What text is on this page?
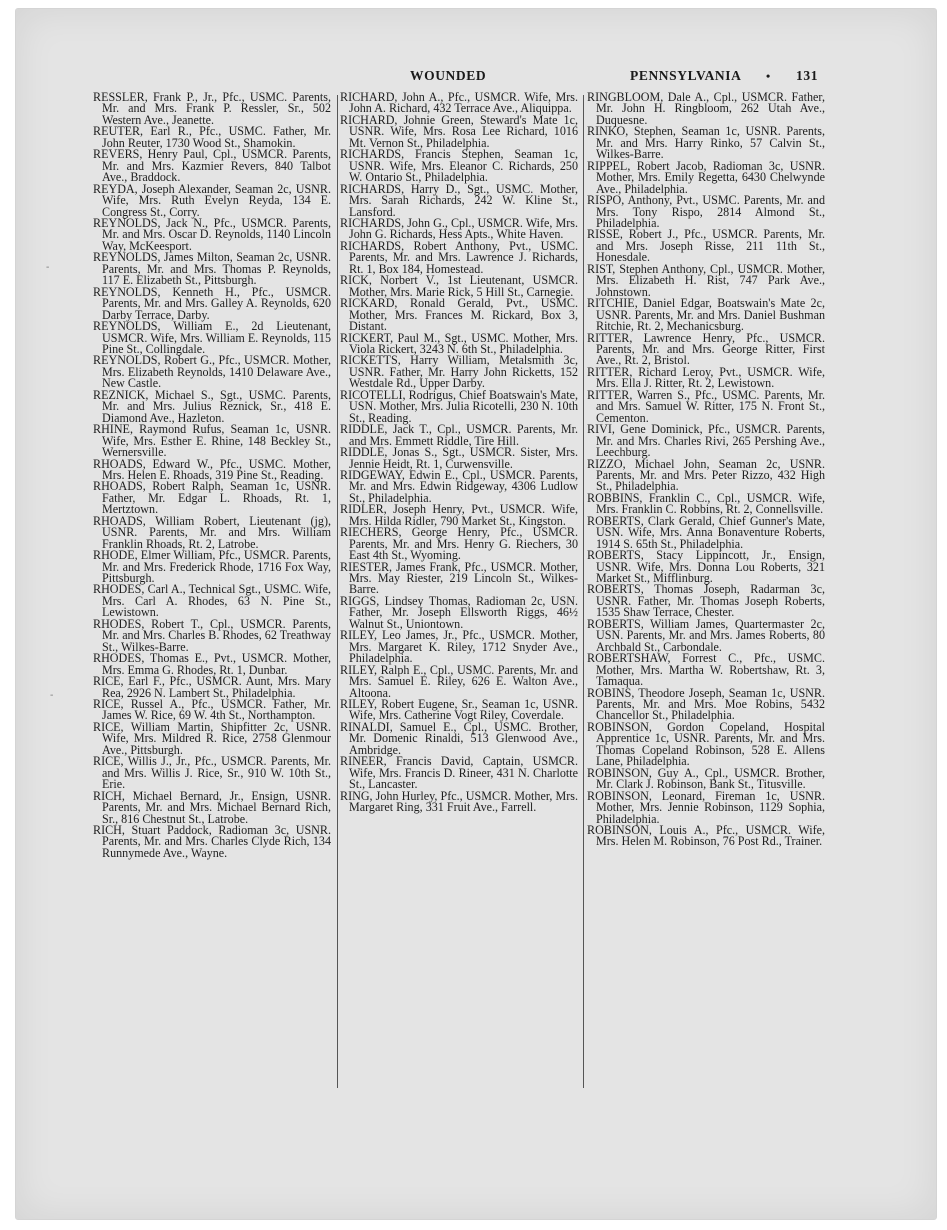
WOUNDED	PENNSYLVANIA • 131

RESSLER, Frank P., Jr., Pfc., USMC. Parents, Mr. and Mrs. Frank P. Ressler, Sr., 502 Western Ave., Jeanette.

REUTER, Earl R., Pfc., USMC. Father, Mr. John Reuter, 1730 Wood St., Shamokin.

REVERS, Henry Paul, Cpl., USMCR. Parents, Mr. and Mrs. Kazmier Revers, 840 Talbot Ave., Braddock.

REYDA, Joseph Alexander, Seaman 2c, USNR. Wife, Mrs. Ruth Evelyn Reyda, 134 E. Congress St., Corry.

REYNOLDS, Jack N., Pfc., USMCR. Parents, Mr. and Mrs. Oscar D. Reynolds, 1140 Lincoln Way, McKeesport.

REYNOLDS, James Milton, Seaman 2c, USNR. Parents, Mr. and Mrs. Thomas P. Reynolds, 117 E. Elizabeth St., Pittsburgh.

REYNOLDS, Kenneth H., Pfc., USMCR. Parents, Mr. and Mrs. Galley A. Reynolds, 620 Darby Terrace, Darby.

REYNOLDS, William E., 2d Lieutenant, USMCR. Wife, Mrs. William E. Reynolds, 115 Pine St., Collingdale.

REYNOLDS, Robert G., Pfc., USMCR. Mother, Mrs. Elizabeth Reynolds, 1410 Delaware Ave., New Castle.

REZNICK, Michael S., Sgt., USMC. Parents, Mr. and Mrs. Julius Reznick, Sr., 418 E. Diamond Ave., Hazleton.

RHINE, Raymond Rufus, Seaman 1c, USNR. Wife, Mrs. Esther E. Rhine, 148 Beckley St., Wernersville.

RHOADS, Edward W., Pfc., USMC. Mother, Mrs. Helen E. Rhoads, 319 Pine St., Reading.

RHOADS, Robert Ralph, Seaman 1c, USNR. Father, Mr. Edgar L. Rhoads, Rt. 1, Mertztown.

RHOADS, William Robert, Lieutenant (jg), USNR. Parents, Mr. and Mrs. William Franklin Rhoads, Rt. 2, Latrobe.

RHODE, Elmer William, Pfc., USMCR. Parents, Mr. and Mrs. Frederick Rhode, 1716 Fox Way, Pittsburgh.

RHODES, Carl A., Technical Sgt., USMC. Wife, Mrs. Carl A. Rhodes, 63 N. Pine St., Lewistown.

RHODES, Robert T., Cpl., USMCR. Parents, Mr. and Mrs. Charles B. Rhodes, 62 Treathway St., Wilkes-Barre.

RHODES, Thomas E., Pvt., USMCR. Mother, Mrs. Emma G. Rhodes, Rt. 1, Dunbar.

RICE, Earl F., Pfc., USMCR. Aunt, Mrs. Mary Rea, 2926 N. Lambert St., Philadelphia.

RICE, Russel A., Pfc., USMCR. Father, Mr. James W. Rice, 69 W. 4th St., Northampton.

RICE, William Martin, Shipfitter 2c, USNR. Wife, Mrs. Mildred R. Rice, 2758 Glenmour Ave., Pittsburgh.

RICE, Willis J., Jr., Pfc., USMCR. Parents, Mr. and Mrs. Willis J. Rice, Sr., 910 W. 10th St., Erie.

RICH, Michael Bernard, Jr., Ensign, USNR. Parents, Mr. and Mrs. Michael Bernard Rich, Sr., 816 Chestnut St., Latrobe.

RICH, Stuart Paddock, Radioman 3c, USNR. Parents, Mr. and Mrs. Charles Clyde Rich, 134 Runnymede Ave., Wayne.

RICHARD, John A., Pfc., USMCR. Wife, Mrs. John A. Richard, 432 Terrace Ave., Aliquippa.

RICHARD, Johnie Green, Steward's Mate 1c, USNR. Wife, Mrs. Rosa Lee Richard, 1016 Mt. Vernon St., Philadelphia.

RICHARDS, Francis Stephen, Seaman 1c, USNR. Wife, Mrs. Eleanor C. Richards, 250 W. Ontario St., Philadelphia.

RICHARDS, Harry D., Sgt., USMC. Mother, Mrs. Sarah Richards, 242 W. Kline St., Lansford.

RICHARDS, John G., Cpl., USMCR. Wife, Mrs. John G. Richards, Hess Apts., White Haven.

RICHARDS, Robert Anthony, Pvt., USMC. Parents, Mr. and Mrs. Lawrence J. Richards, Rt. 1, Box 184, Homestead.

RICK, Norbert V., 1st Lieutenant, USMCR. Mother, Mrs. Marie Rick, 5 Hill St., Carnegie.

RICKARD, Ronald Gerald, Pvt., USMC. Mother, Mrs. Frances M. Rickard, Box 3, Distant.

RICKERT, Paul M., Sgt., USMC. Mother, Mrs. Viola Rickert, 3243 N. 6th St., Philadelphia.

RICKETTS, Harry William, Metalsmith 3c, USNR. Father, Mr. Harry John Ricketts, 152 Westdale Rd., Upper Darby.

RICOTELLI, Rodrigus, Chief Boatswain's Mate, USN. Mother, Mrs. Julia Ricotelli, 230 N. 10th St., Reading.

RIDDLE, Jack T., Cpl., USMCR. Parents, Mr. and Mrs. Emmett Riddle, Tire Hill.

RIDDLE, Jonas S., Sgt., USMCR. Sister, Mrs. Jennie Heidt, Rt. 1, Curwensville.

RIDGEWAY, Edwin E., Cpl., USMCR. Parents, Mr. and Mrs. Edwin Ridgeway, 4306 Ludlow St., Philadelphia.

RIDLER, Joseph Henry, Pvt., USMCR. Wife, Mrs. Hilda Ridler, 790 Market St., Kingston.

RIECHERS, George Henry, Pfc., USMCR. Parents, Mr. and Mrs. Henry G. Riechers, 30 East 4th St., Wyoming.

RIESTER, James Frank, Pfc., USMCR. Mother, Mrs. May Riester, 219 Lincoln St., Wilkes-Barre.

RIGGS, Lindsey Thomas, Radioman 2c, USN. Father, Mr. Joseph Ellsworth Riggs, 46½ Walnut St., Uniontown.

RILEY, Leo James, Jr., Pfc., USMCR. Mother, Mrs. Margaret K. Riley, 1712 Snyder Ave., Philadelphia.

RILEY, Ralph E., Cpl., USMC. Parents, Mr. and Mrs. Samuel E. Riley, 626 E. Walton Ave., Altoona.

RILEY, Robert Eugene, Sr., Seaman 1c, USNR. Wife, Mrs. Catherine Vogt Riley, Coverdale.

RINALDI, Samuel E., Cpl., USMC. Brother, Mr. Domenic Rinaldi, 513 Glenwood Ave., Ambridge.

RINEER, Francis David, Captain, USMCR. Wife, Mrs. Francis D. Rineer, 431 N. Charlotte St., Lancaster.

RING, John Hurley, Pfc., USMCR. Mother, Mrs. Margaret Ring, 331 Fruit Ave., Farrell.

RINGBLOOM, Dale A., Cpl., USMCR. Father, Mr. John H. Ringbloom, 262 Utah Ave., Duquesne.

RINKO, Stephen, Seaman 1c, USNR. Parents, Mr. and Mrs. Harry Rinko, 57 Calvin St., Wilkes-Barre.

RIPPEL, Robert Jacob, Radioman 3c, USNR. Mother, Mrs. Emily Regetta, 6430 Chelwynde Ave., Philadelphia.

RISPO, Anthony, Pvt., USMC. Parents, Mr. and Mrs. Tony Rispo, 2814 Almond St., Philadelphia.

RISSE, Robert J., Pfc., USMCR. Parents, Mr. and Mrs. Joseph Risse, 211 11th St., Honesdale.

RIST, Stephen Anthony, Cpl., USMCR. Mother, Mrs. Elizabeth H. Rist, 747 Park Ave., Johnstown.

RITCHIE, Daniel Edgar, Boatswain's Mate 2c, USNR. Parents, Mr. and Mrs. Daniel Bushman Ritchie, Rt. 2, Mechanicsburg.

RITTER, Lawrence Henry, Pfc., USMCR. Parents, Mr. and Mrs. George Ritter, First Ave., Rt. 2, Bristol.

RITTER, Richard Leroy, Pvt., USMCR. Wife, Mrs. Ella J. Ritter, Rt. 2, Lewistown.

RITTER, Warren S., Pfc., USMC. Parents, Mr. and Mrs. Samuel W. Ritter, 175 N. Front St., Cementon.

RIVI, Gene Dominick, Pfc., USMCR. Parents, Mr. and Mrs. Charles Rivi, 265 Pershing Ave., Leechburg.

RIZZO, Michael John, Seaman 2c, USNR. Parents, Mr. and Mrs. Peter Rizzo, 432 High St., Philadelphia.

ROBBINS, Franklin C., Cpl., USMCR. Wife, Mrs. Franklin C. Robbins, Rt. 2, Connellsville.

ROBERTS, Clark Gerald, Chief Gunner's Mate, USN. Wife, Mrs. Anna Bonaventure Roberts, 1914 S. 65th St., Philadelphia.

ROBERTS, Stacy Lippincott, Jr., Ensign, USNR. Wife, Mrs. Donna Lou Roberts, 321 Market St., Mifflinburg.

ROBERTS, Thomas Joseph, Radarman 3c, USNR. Father, Mr. Thomas Joseph Roberts, 1535 Shaw Terrace, Chester.

ROBERTS, William James, Quartermaster 2c, USN. Parents, Mr. and Mrs. James Roberts, 80 Archbald St., Carbondale.

ROBERTSHAW, Forrest C., Pfc., USMC. Mother, Mrs. Martha W. Robertshaw, Rt. 3, Tamaqua.

ROBINS, Theodore Joseph, Seaman 1c, USNR. Parents, Mr. and Mrs. Moe Robins, 5432 Chancellor St., Philadelphia.

ROBINSON, Gordon Copeland, Hospital Apprentice 1c, USNR. Parents, Mr. and Mrs. Thomas Copeland Robinson, 528 E. Allens Lane, Philadelphia.

ROBINSON, Guy A., Cpl., USMCR. Brother, Mr. Clark J. Robinson, Bank St., Titusville.

ROBINSON, Leonard, Fireman 1c, USNR. Mother, Mrs. Jennie Robinson, 1129 Sophia, Philadelphia.

ROBINSON, Louis A., Pfc., USMCR. Wife, Mrs. Helen M. Robinson, 76 Post Rd., Trainer.

-
-
